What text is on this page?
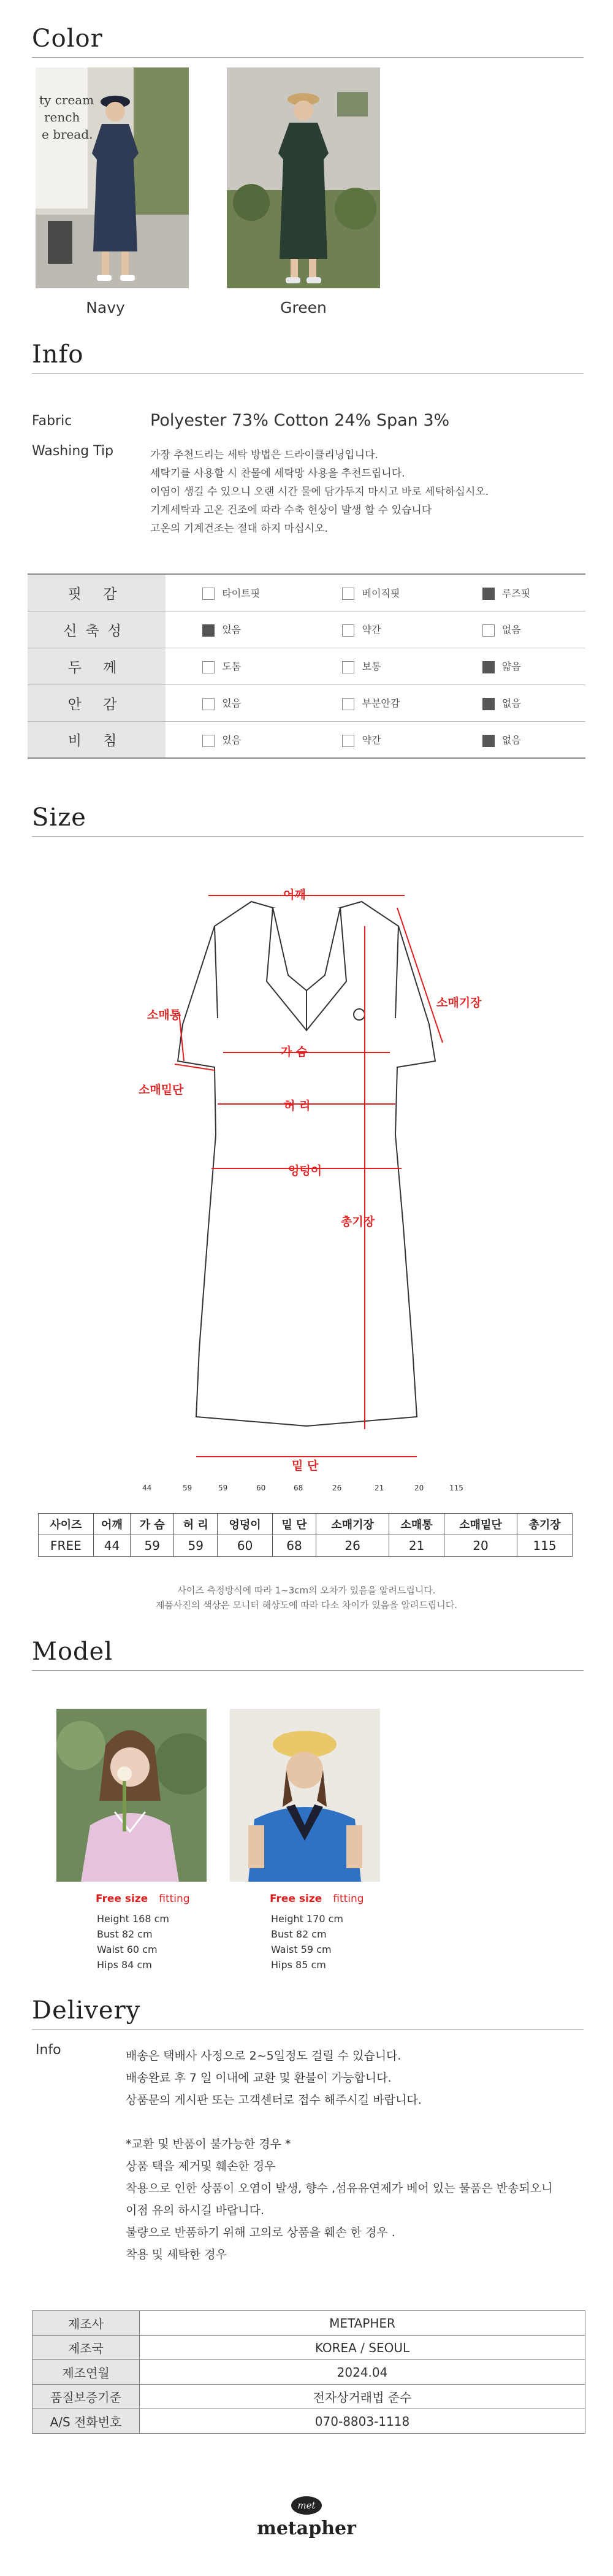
Color
ty cream
rench
e bread.
Navy	Green
Info
Fabric	Polyester 73% Cotton 24% Span 3%
Washing Tip	가장 추천드리는 세탁 방법은 드라이클리닝입니다.
세탁기를 사용할 시 찬물에 세탁망 사용을 추천드립니다.
이염이 생길 수 있으니 오랜 시간 물에 담가두지 마시고 바로 세탁하십시오.
기계세탁과 고온 건조에 따라 수축 현상이 발생 할 수 있습니다
고온의 기계건조는 절대 하지 마십시오.
핏 감	타이트핏	베이직핏	루즈핏
신축성	있음	약간	없음
두 께	도톰	보통	얇음
안 감	있음	부분안감	없음
비 침	있음	약간	없음
Size
어깨
소매통
소매기장
가 슴
소매밑단
허 리
엉덩이
총기장
밑 단
44	59	59	60	68	26	21	20	115
사이즈	어깨	가 슴	허 리	엉덩이	밑 단	소매기장	소매통	소매밑단	총기장
FREE	44	59	59	60	68	26	21	20	115
사이즈 측정방식에 따라 1~3cm의 오차가 있음을 알려드립니다.
제품사진의 색상은 모니터 해상도에 따라 다소 차이가 있음을 알려드립니다.
Model
Free size fitting
Height 168 cm
Bust 82 cm
Waist 60 cm
Hips 84 cm
Free size fitting
Height 170 cm
Bust 82 cm
Waist 59 cm
Hips 85 cm
Delivery
Info	배송은 택배사 사정으로 2~5일정도 걸릴 수 있습니다.
배송완료 후 7 일 이내에 교환 및 환불이 가능합니다.
상품문의 게시판 또는 고객센터로 접수 해주시길 바랍니다.
*교환 및 반품이 불가능한 경우 *
상품 택을 제거및 훼손한 경우
착용으로 인한 상품이 오염이 발생, 향수 ,섬유유연제가 베어 있는 물품은 반송되오니
이점 유의 하시길 바랍니다.
불량으로 반품하기 위해 고의로 상품을 훼손 한 경우 .
착용 및 세탁한 경우
제조사	METAPHER
제조국	KOREA / SEOUL
제조연월	2024.04
품질보증기준	전자상거래법 준수
A/S 전화번호	070-8803-1118
met
metapher
